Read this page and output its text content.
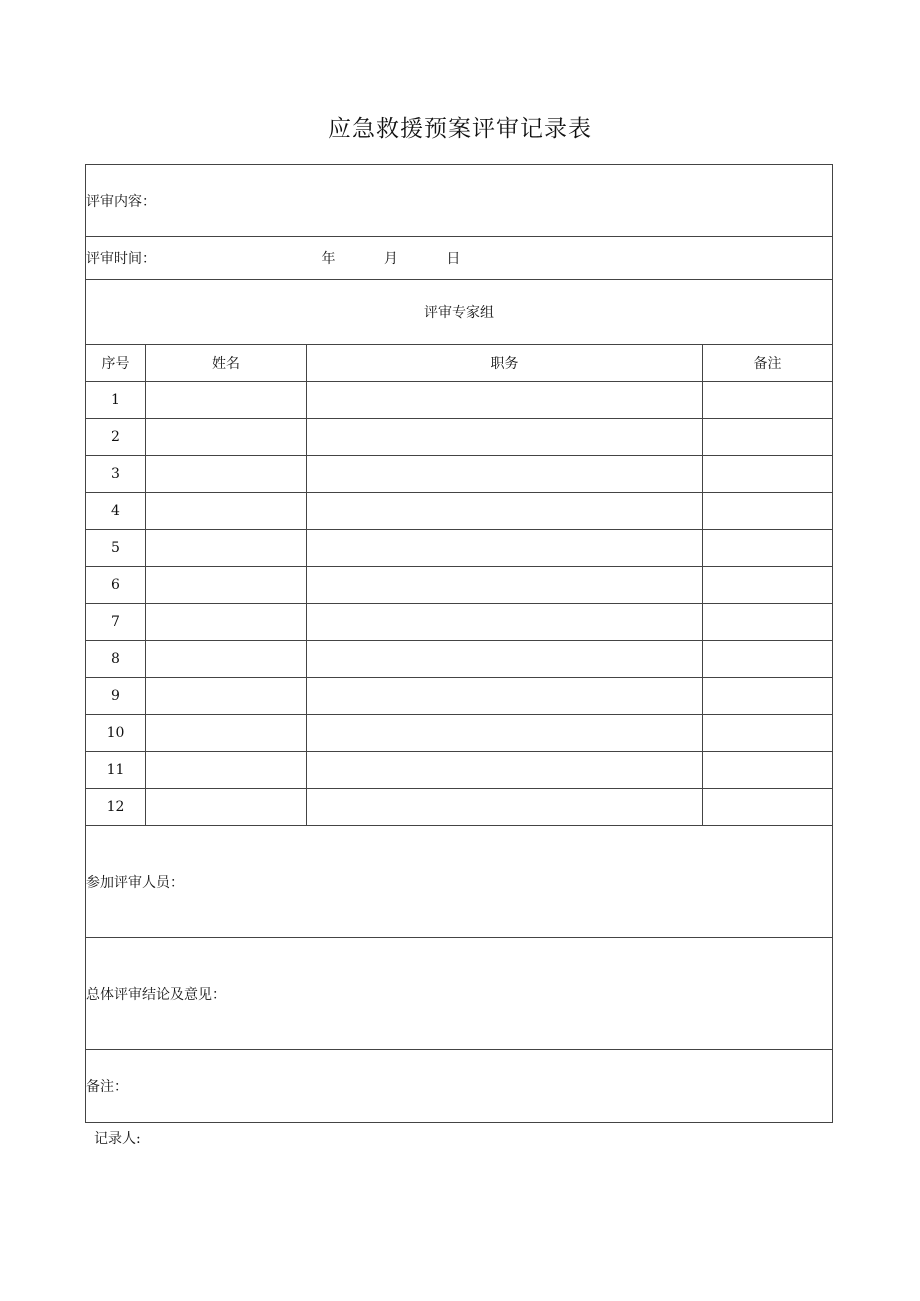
应急救援预案评审记录表
评审内容：			
评审时间： 年 月 日			
评审专家组			
序号	姓名	职务	备注
1			
2			
3			
4			
5			
6			
7			
8			
9			
10			
11			
12			
参加评审人员：			
总体评审结论及意见：			
备注：			
记录人:
